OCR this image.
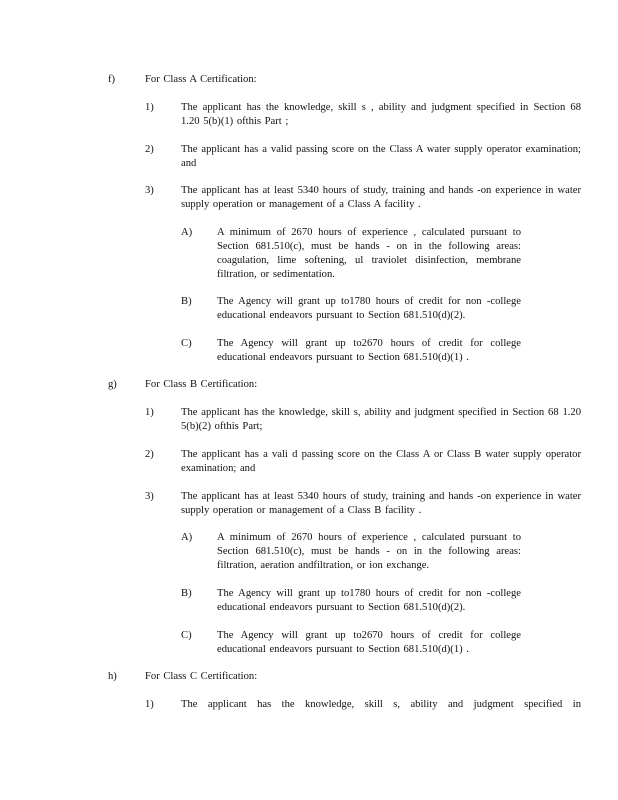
f)	For Class A Certification:
1)	The applicant has the knowledge, skill s , ability and judgment specified in Section 68 1.20 5(b)(1) ofthis Part ;
2)	The applicant has a valid passing score on the Class A water supply operator examination; and
3)	The applicant has at least 5340 hours of study, training and hands -on experience in water supply operation or management of a Class A facility .
A) A minimum of 2670 hours of experience , calculated pursuant to Section 681.510(c), must be hands - on in the following areas: coagulation, lime softening, ul traviolet disinfection, membrane filtration, or sedimentation.
B) The Agency will grant up to1780 hours of credit for non -college educational endeavors pursuant to Section 681.510(d)(2).
C) The Agency will grant up to2670 hours of credit for college educational endeavors pursuant to Section 681.510(d)(1) .
g)	For Class B Certification:
1)	The applicant has the knowledge, skill s, ability and judgment specified in Section 68 1.20 5(b)(2) ofthis Part;
2)	The applicant has a vali d passing score on the Class A or Class B water supply operator examination; and
3)	The applicant has at least 5340 hours of study, training and hands -on experience in water supply operation or management of a Class B facility .
A) A minimum of 2670 hours of experience , calculated pursuant to Section 681.510(c), must be hands - on in the following areas: filtration, aeration andfiltration, or ion exchange.
B) The Agency will grant up to1780 hours of credit for non -college educational endeavors pursuant to Section 681.510(d)(2).
C) The Agency will grant up to2670 hours of credit for college educational endeavors pursuant to Section 681.510(d)(1) .
h)	For Class C Certification:
1)	The applicant has the knowledge, skill s, ability and judgment specified in
